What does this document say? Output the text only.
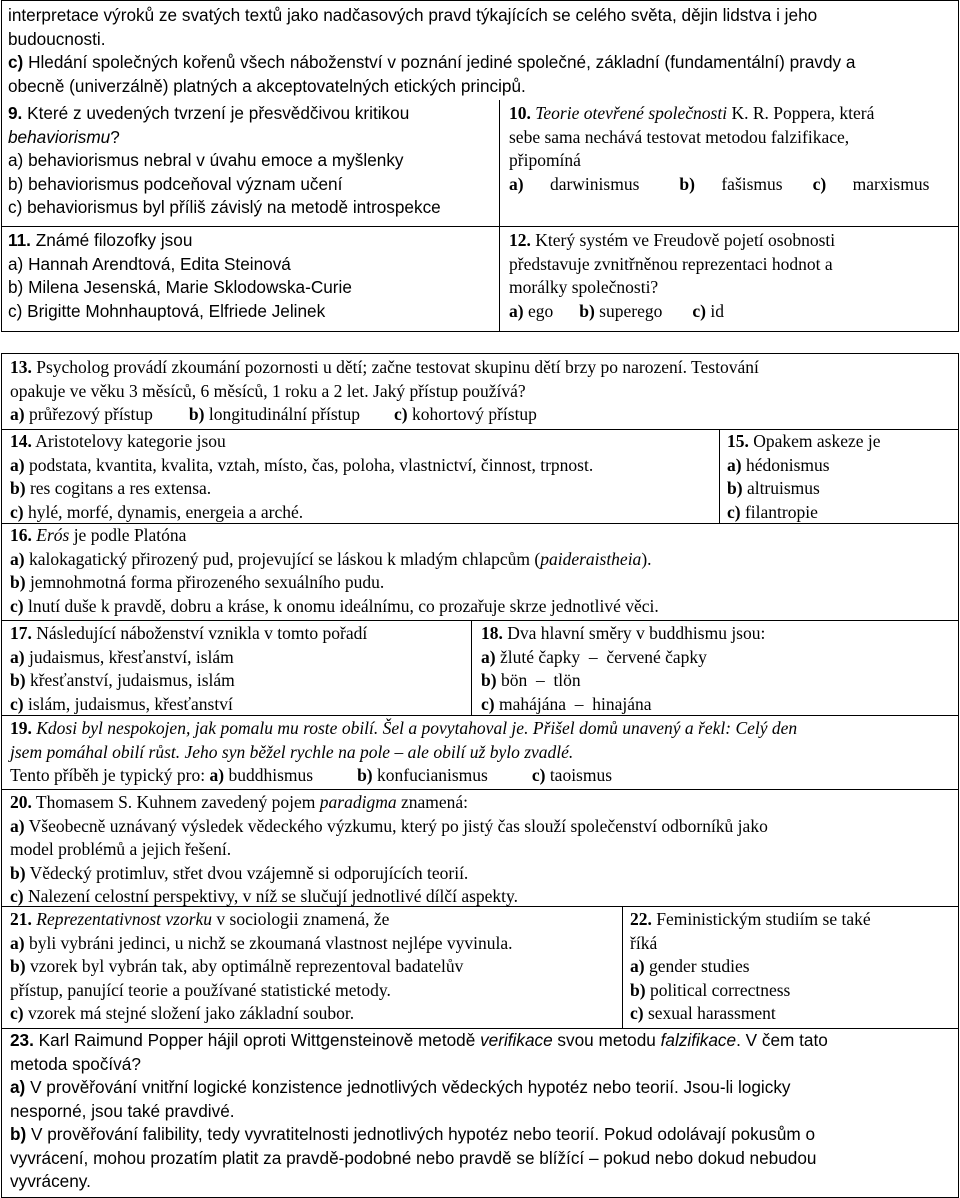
interpretace výroků ze svatých textů jako nadčasových pravd týkajících se celého světa, dějin lidstva i jeho
budoucnosti.
c) Hledání společných kořenů všech náboženství v poznání jediné společné, základní (fundamentální) pravdy a
obecně (univerzálně) platných a akceptovatelných etických principů.
9. Které z uvedených tvrzení je přesvědčivou kritikou
behaviorismu?
a) behaviorismus nebral v úvahu emoce a myšlenky
b) behaviorismus podceňoval význam učení
c) behaviorismus byl příliš závislý na metodě introspekce
10. Teorie otevřené společnosti K. R. Poppera, která
sebe sama nechává testovat metodou falzifikace,
připomíná
a) darwinismus b) fašismus c) marxismus
11. Známé filozofky jsou
a) Hannah Arendtová, Edita Steinová
b) Milena Jesenská, Marie Sklodowska-Curie
c) Brigitte Mohnhauptová, Elfriede Jelinek
12. Který systém ve Freudově pojetí osobnosti
představuje zvnitřněnou reprezentaci hodnot a
morálky společnosti?
a) ego b) superego c) id
13. Psycholog provádí zkoumání pozornosti u dětí; začne testovat skupinu dětí brzy po narození. Testování
opakuje ve věku 3 měsíců, 6 měsíců, 1 roku a 2 let. Jaký přístup používá?
a) průřezový přístup b) longitudinální přístup c) kohortový přístup
14. Aristotelovy kategorie jsou
a) podstata, kvantita, kvalita, vztah, místo, čas, poloha, vlastnictví, činnost, trpnost.
b) res cogitans a res extensa.
c) hylé, morfé, dynamis, energeia a arché.
15. Opakem askeze je
a) hédonismus
b) altruismus
c) filantropie
16. Erós je podle Platóna
a) kalokagatický přirozený pud, projevující se láskou k mladým chlapcům (paideraistheia).
b) jemnohmotná forma přirozeného sexuálního pudu.
c) lnutí duše k pravdě, dobru a kráse, k onomu ideálnímu, co prozařuje skrze jednotlivé věci.
17. Následující náboženství vznikla v tomto pořadí
a) judaismus, křesťanství, islám
b) křesťanství, judaismus, islám
c) islám, judaismus, křesťanství
18. Dva hlavní směry v buddhismu jsou:
a) žluté čapky  –  červené čapky
b) bön  –  tlön
c) mahájána  –  hinajána
19. Kdosi byl nespokojen, jak pomalu mu roste obilí. Šel a povytahoval je. Přišel domů unavený a řekl: Celý den
jsem pomáhal obilí růst. Jeho syn běžel rychle na pole – ale obilí už bylo zvadlé.
Tento příběh je typický pro: a) buddhismus	b) konfucianismus	c) taoismus
20. Thomasem S. Kuhnem zavedený pojem paradigma znamená:
a) Všeobecně uznávaný výsledek vědeckého výzkumu, který po jistý čas slouží společenství odborníků jako
model problémů a jejich řešení.
b) Vědecký protimluv, střet dvou vzájemně si odporujících teorií.
c) Nalezení celostní perspektivy, v níž se slučují jednotlivé dílčí aspekty.
21. Reprezentativnost vzorku v sociologii znamená, že
a) byli vybráni jedinci, u nichž se zkoumaná vlastnost nejlépe vyvinula.
b) vzorek byl vybrán tak, aby optimálně reprezentoval badatelův
přístup, panující teorie a používané statistické metody.
c) vzorek má stejné složení jako základní soubor.
22. Feministickým studiím se také
říká
a) gender studies
b) political correctness
c) sexual harassment
23. Karl Raimund Popper hájil oproti Wittgensteinově metodě verifikace svou metodu falzifikace. V čem tato
metoda spočívá?
a) V prověřování vnitřní logické konzistence jednotlivých vědeckých hypotéz nebo teorií. Jsou-li logicky
nesporné, jsou také pravdivé.
b) V prověřování falibility, tedy vyvratitelnosti jednotlivých hypotéz nebo teorií. Pokud odolávají pokusům o
vyvrácení, mohou prozatím platit za pravdě-podobné nebo pravdě se blížící – pokud nebo dokud nebudou
vyvráceny.
